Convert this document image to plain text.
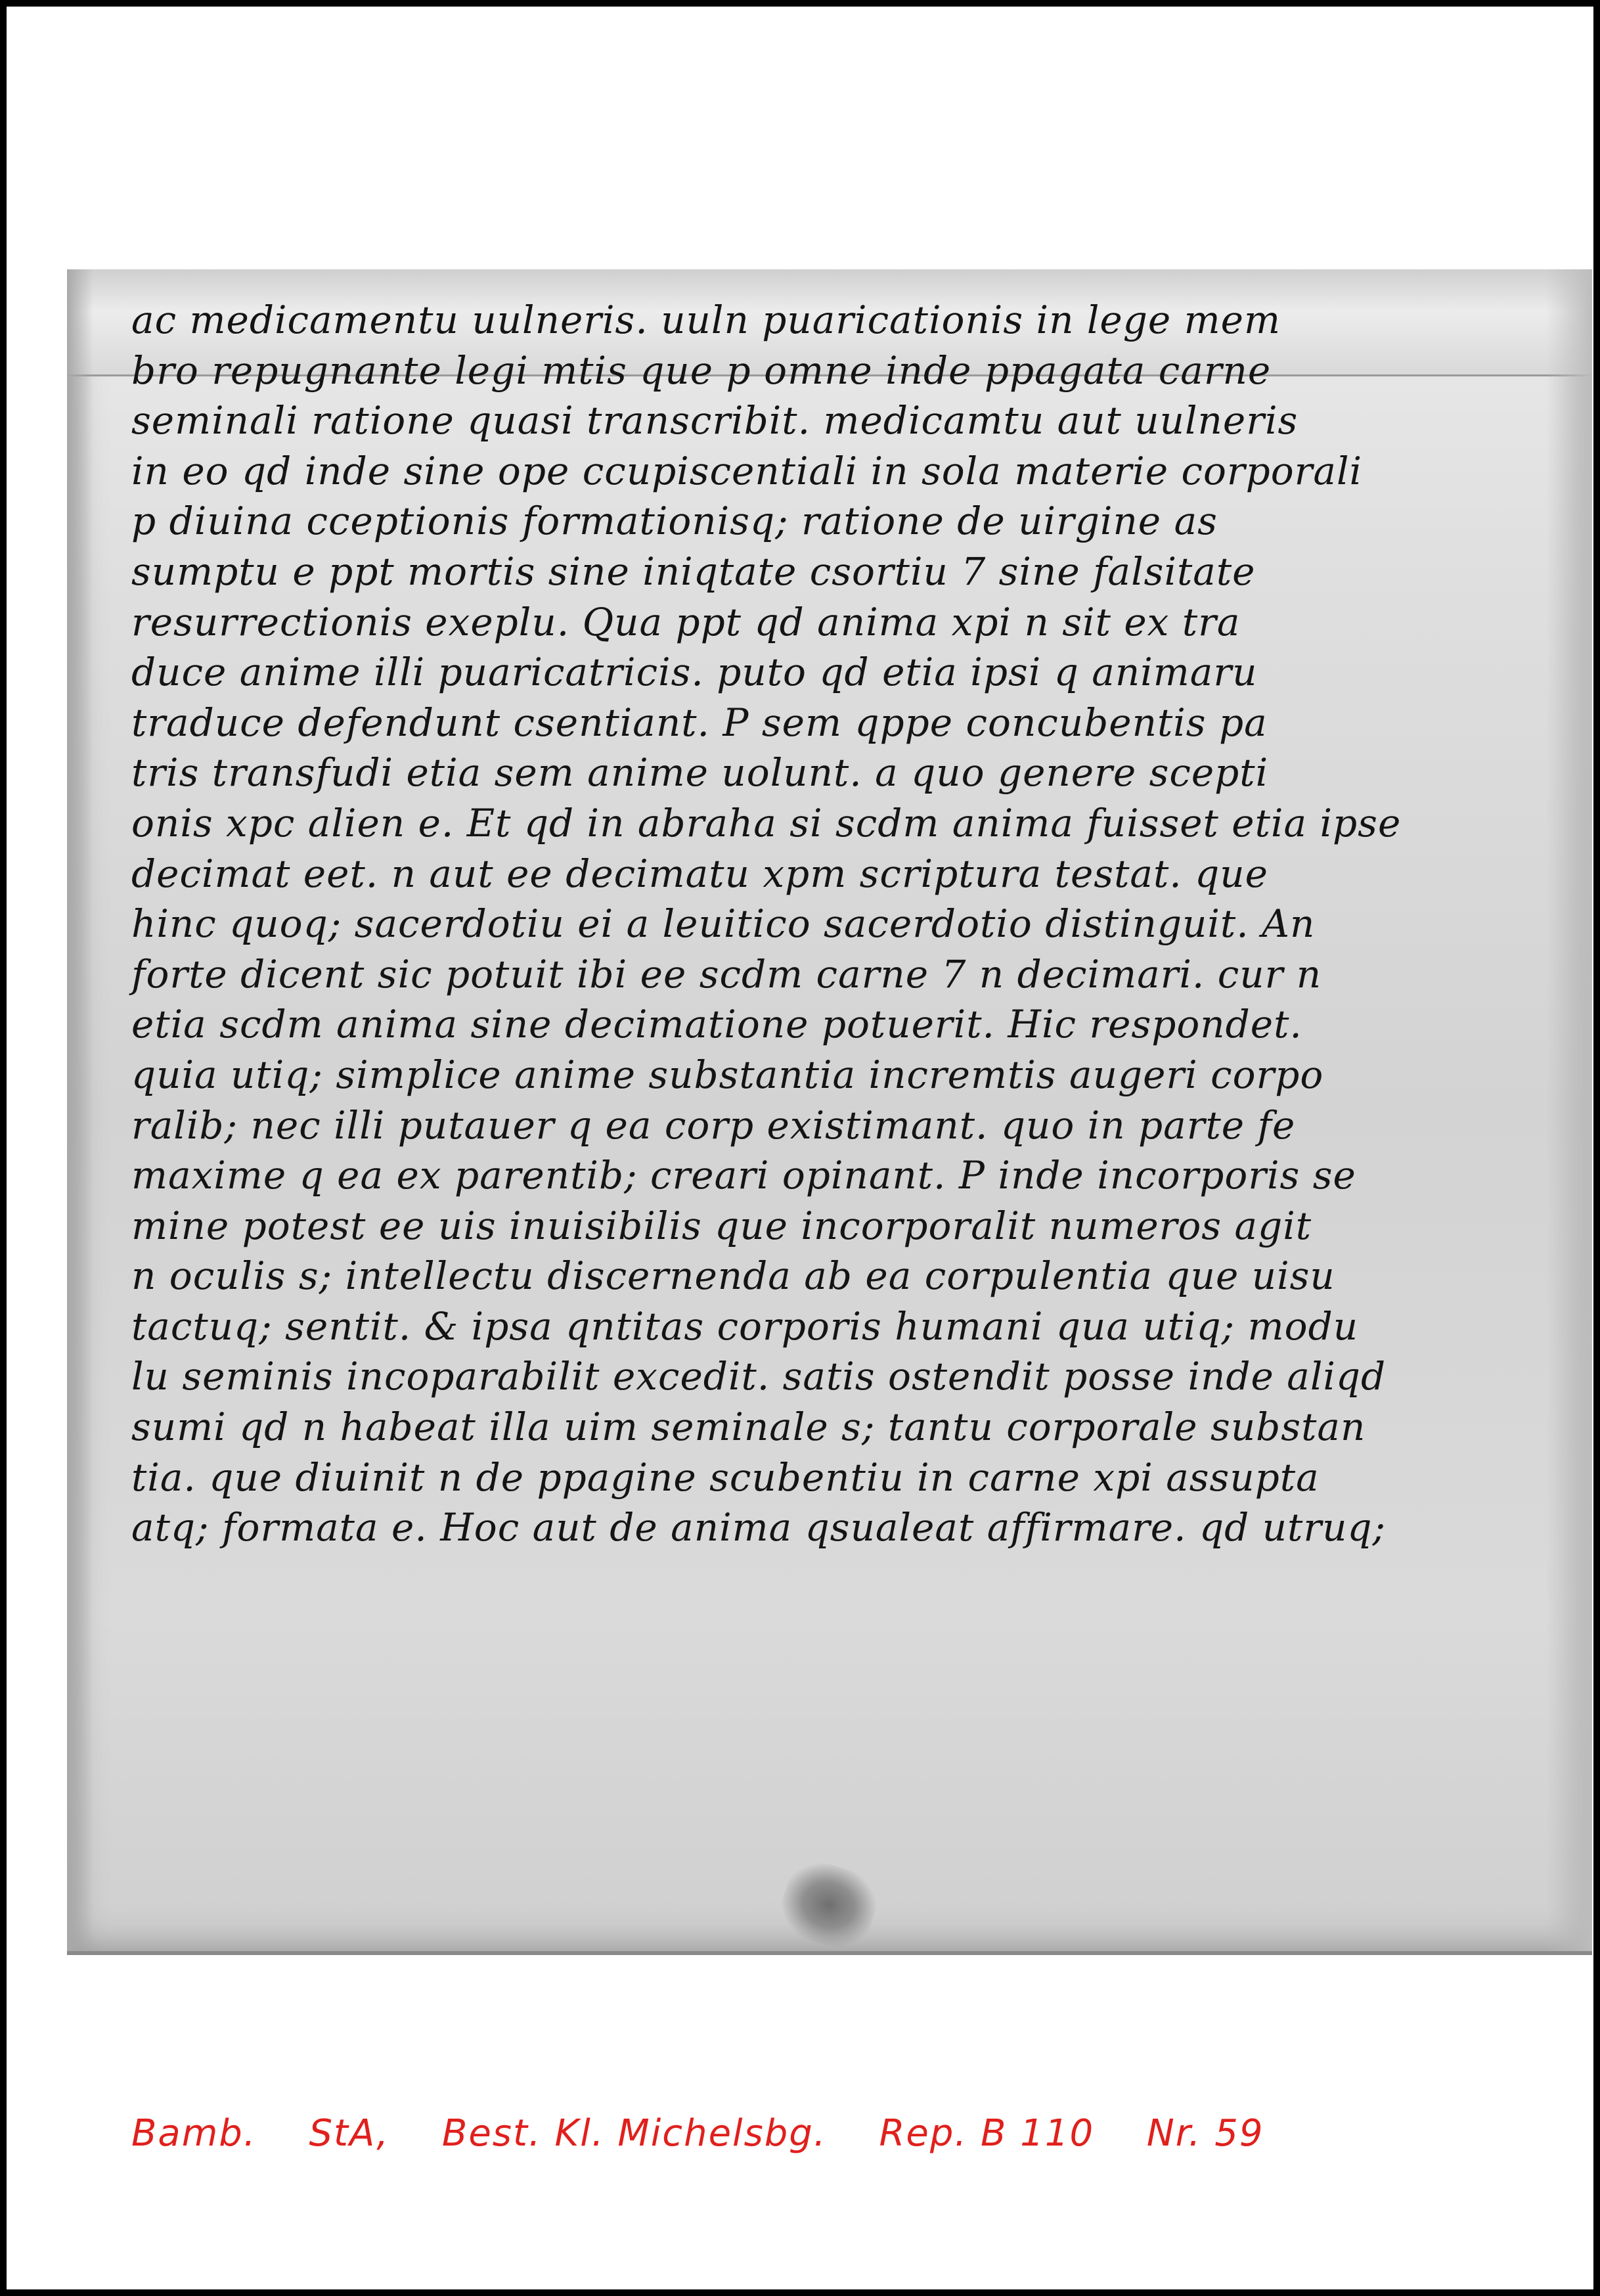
ac medicamentu uulneris. uuln puaricationis in lege mem
bro repugnante legi mtis que p omne inde ppagata carne
seminali ratione quasi transcribit. medicamtu aut uulneris
in eo qd inde sine ope ccupiscentiali in sola materie corporali
p diuina cceptionis formationisq; ratione de uirgine as
sumptu e ppt mortis sine iniqtate csortiu 7 sine falsitate
resurrectionis exeplu. Qua ppt qd anima xpi n sit ex tra
duce anime illi puaricatricis. puto qd etia ipsi q animaru
traduce defendunt csentiant. P sem qppe concubentis pa
tris transfudi etia sem anime uolunt. a quo genere scepti
onis xpc alien e. Et qd in abraha si scdm anima fuisset etia ipse
decimat eet. n aut ee decimatu xpm scriptura testat. que
hinc quoq; sacerdotiu ei a leuitico sacerdotio distinguit. An
forte dicent sic potuit ibi ee scdm carne 7 n decimari. cur n
etia scdm anima sine decimatione potuerit. Hic respondet.
quia utiq; simplice anime substantia incremtis augeri corpo
ralib; nec illi putauer q ea corp existimant. quo in parte fe
maxime q ea ex parentib; creari opinant. P inde incorporis se
mine potest ee uis inuisibilis que incorporalit numeros agit
n oculis s; intellectu discernenda ab ea corpulentia que uisu
tactuq; sentit. & ipsa qntitas corporis humani qua utiq; modu
lu seminis incoparabilit excedit. satis ostendit posse inde aliqd
sumi qd n habeat illa uim seminale s; tantu corporale substan
tia. que diuinit n de ppagine scubentiu in carne xpi assupta
atq; formata e. Hoc aut de anima qsualeat affirmare. qd utruq;
Bamb. StA, Best. Kl. Michelsbg. Rep. B 110 Nr. 59
